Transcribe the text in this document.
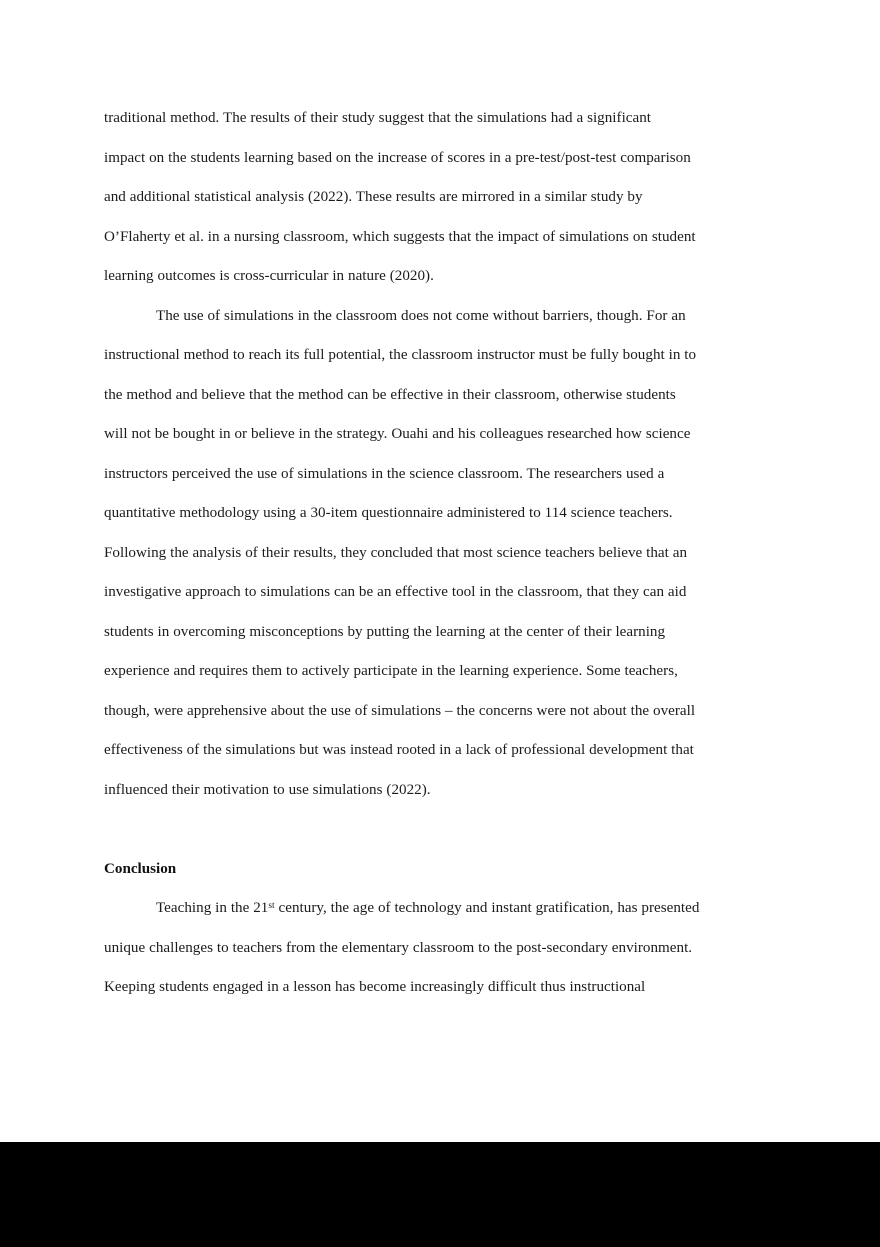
traditional method. The results of their study suggest that the simulations had a significant
impact on the students learning based on the increase of scores in a pre-test/post-test comparison
and additional statistical analysis (2022). These results are mirrored in a similar study by
O’Flaherty et al. in a nursing classroom, which suggests that the impact of simulations on student
learning outcomes is cross-curricular in nature (2020).

The use of simulations in the classroom does not come without barriers, though. For an
instructional method to reach its full potential, the classroom instructor must be fully bought in to
the method and believe that the method can be effective in their classroom, otherwise students
will not be bought in or believe in the strategy. Ouahi and his colleagues researched how science
instructors perceived the use of simulations in the science classroom. The researchers used a
quantitative methodology using a 30-item questionnaire administered to 114 science teachers.
Following the analysis of their results, they concluded that most science teachers believe that an
investigative approach to simulations can be an effective tool in the classroom, that they can aid
students in overcoming misconceptions by putting the learning at the center of their learning
experience and requires them to actively participate in the learning experience. Some teachers,
though, were apprehensive about the use of simulations – the concerns were not about the overall
effectiveness of the simulations but was instead rooted in a lack of professional development that
influenced their motivation to use simulations (2022).

Conclusion

Teaching in the 21st century, the age of technology and instant gratification, has presented
unique challenges to teachers from the elementary classroom to the post-secondary environment.
Keeping students engaged in a lesson has become increasingly difficult thus instructional
